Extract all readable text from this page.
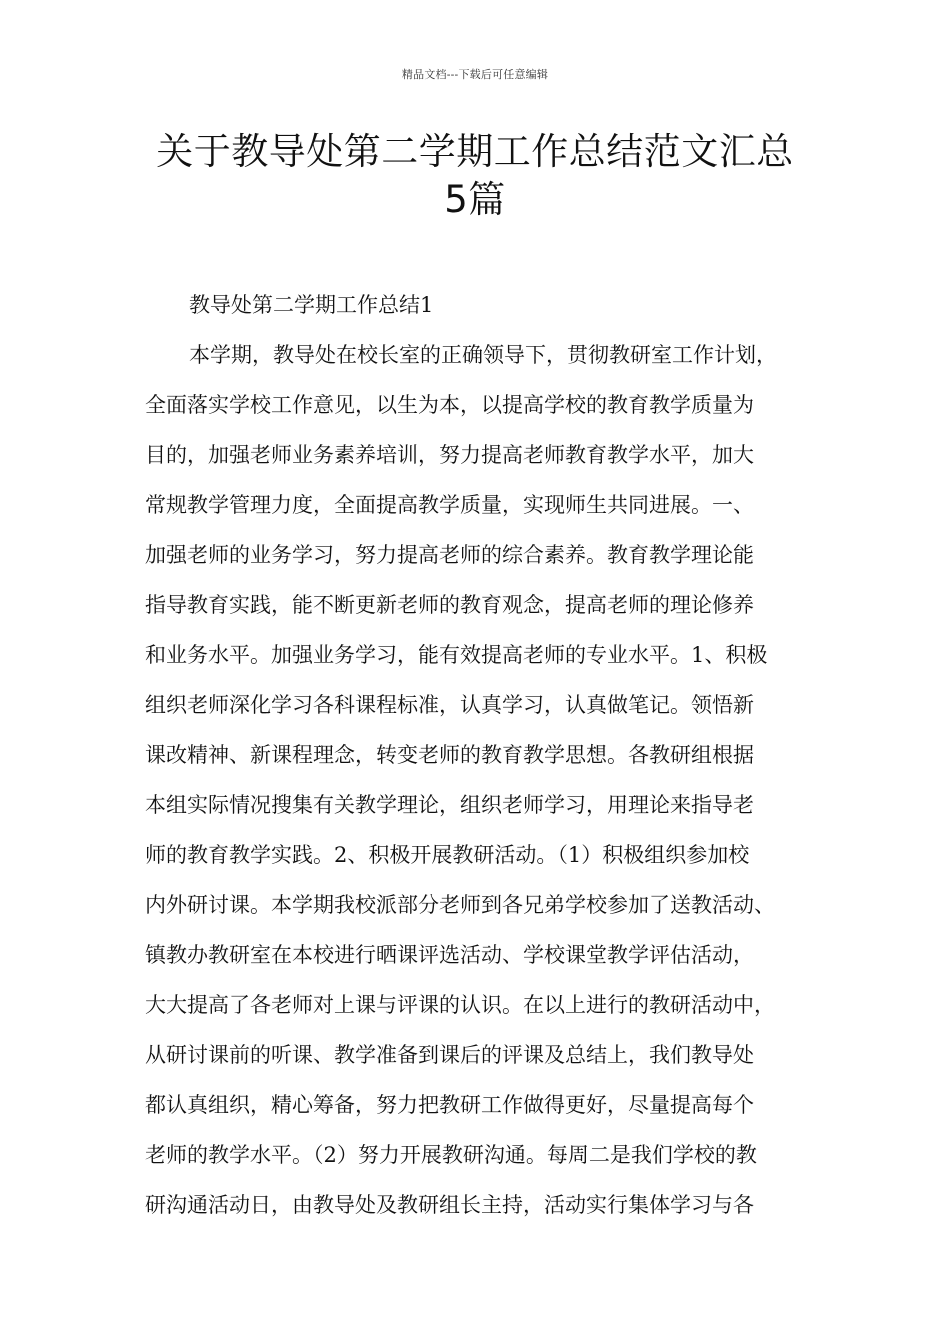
精品文档---下载后可任意编辑
关于教导处第二学期工作总结范文汇总
5篇
教导处第二学期工作总结1
本学期，教导处在校长室的正确领导下，贯彻教研室工作计划，
全面落实学校工作意见，以生为本，以提高学校的教育教学质量为
目的，加强老师业务素养培训，努力提高老师教育教学水平，加大
常规教学管理力度，全面提高教学质量，实现师生共同进展。一、
加强老师的业务学习，努力提高老师的综合素养。教育教学理论能
指导教育实践，能不断更新老师的教育观念，提高老师的理论修养
和业务水平。加强业务学习，能有效提高老师的专业水平。1、积极
组织老师深化学习各科课程标准，认真学习，认真做笔记。领悟新
课改精神、新课程理念，转变老师的教育教学思想。各教研组根据
本组实际情况搜集有关教学理论，组织老师学习，用理论来指导老
师的教育教学实践。2、积极开展教研活动。（1）积极组织参加校
内外研讨课。本学期我校派部分老师到各兄弟学校参加了送教活动、
镇教办教研室在本校进行晒课评选活动、学校课堂教学评估活动，
大大提高了各老师对上课与评课的认识。在以上进行的教研活动中，
从研讨课前的听课、教学准备到课后的评课及总结上，我们教导处
都认真组织，精心筹备，努力把教研工作做得更好，尽量提高每个
老师的教学水平。（2）努力开展教研沟通。每周二是我们学校的教
研沟通活动日，由教导处及教研组长主持，活动实行集体学习与各
